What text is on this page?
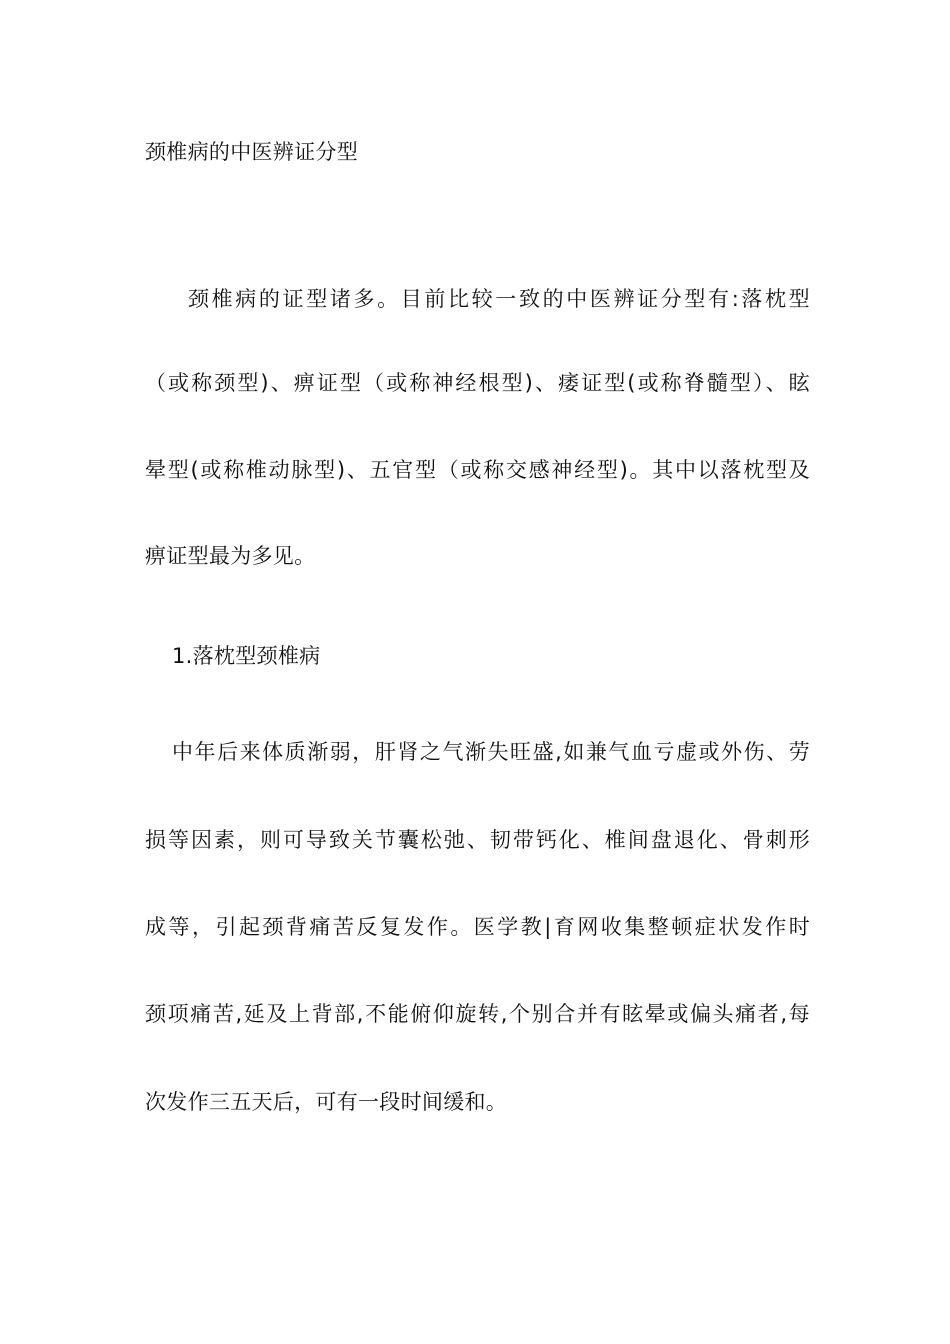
颈椎病的中医辨证分型
颈椎病的证型诸多。目前比较一致的中医辨证分型有:落枕型
（或称颈型)、痹证型（或称神经根型)、痿证型(或称脊髓型）、眩
晕型(或称椎动脉型)、五官型（或称交感神经型)。其中以落枕型及
痹证型最为多见。
1.落枕型颈椎病
中年后来体质渐弱，肝肾之气渐失旺盛,如兼气血亏虚或外伤、劳
损等因素，则可导致关节囊松弛、韧带钙化、椎间盘退化、骨刺形
成等，引起颈背痛苦反复发作。医学教|育网收集整顿症状发作时
颈项痛苦,延及上背部,不能俯仰旋转,个别合并有眩晕或偏头痛者,每
次发作三五天后，可有一段时间缓和。
